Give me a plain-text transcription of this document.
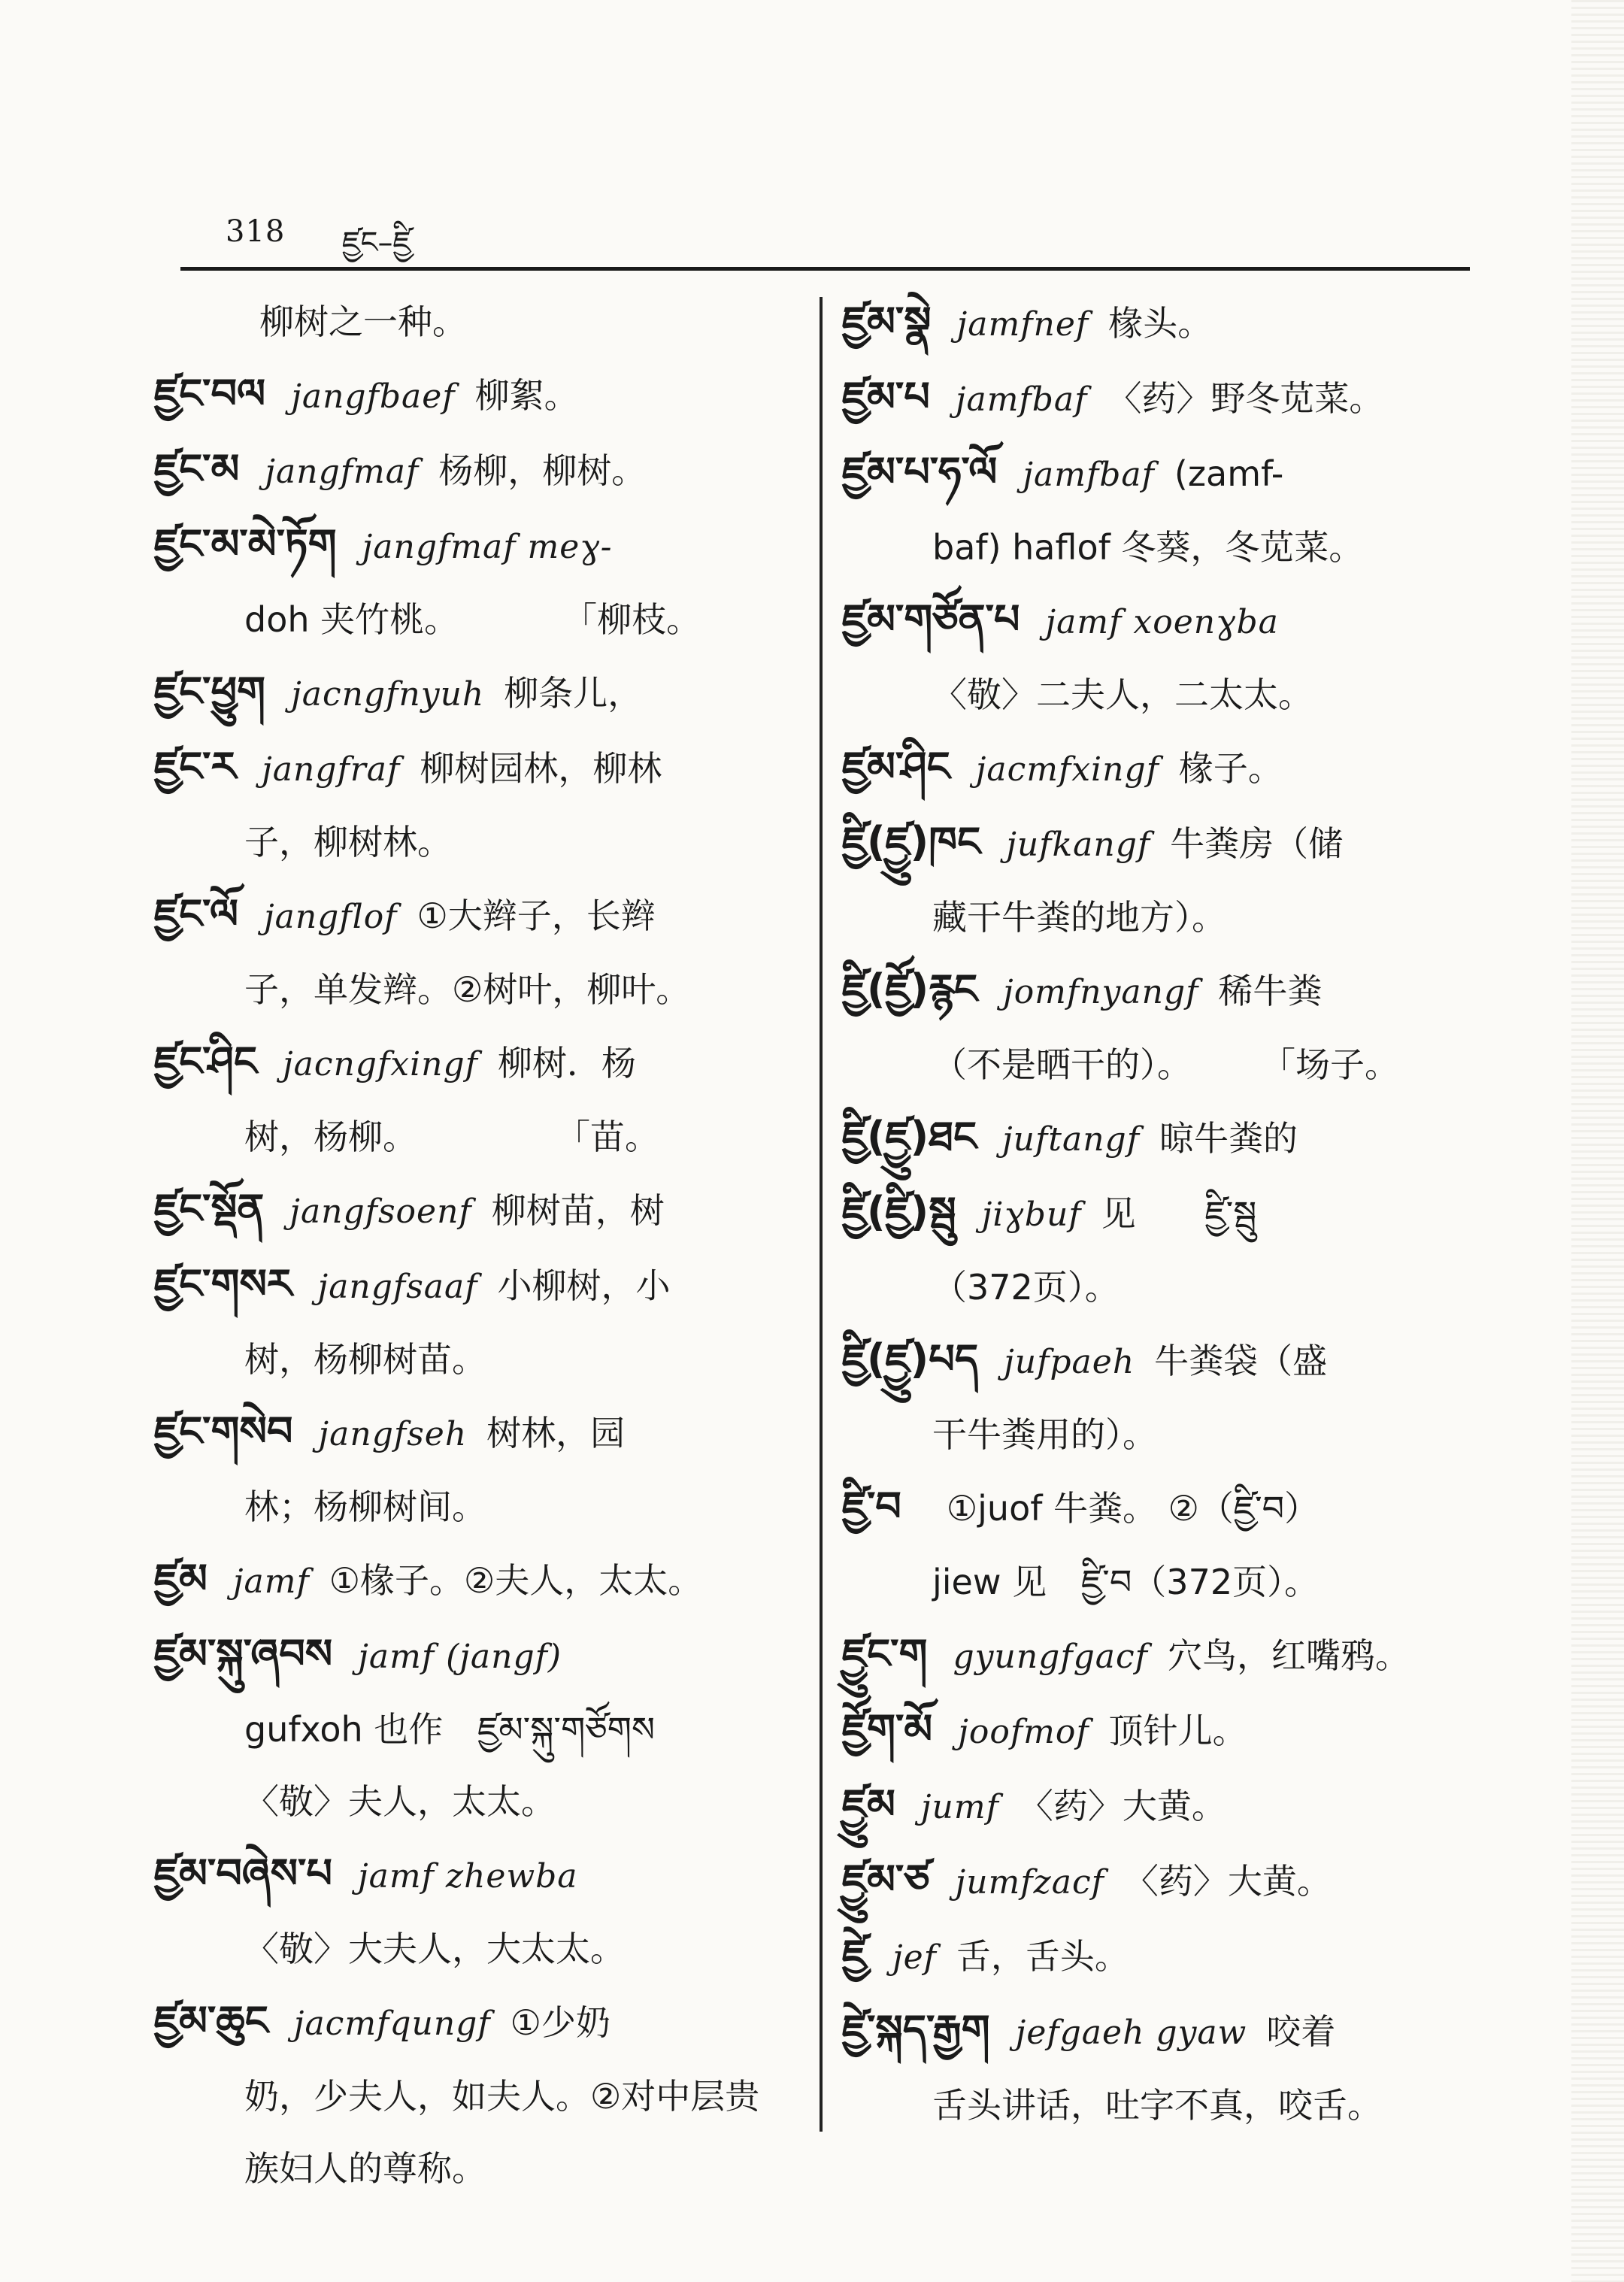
318 ཛྱང–ཛྱི
柳树之一种。
ཛྱང་བལ jangfbaef 柳絮。
ཛྱང་མ jangfmaf 杨柳，柳树。
ཛྱང་མ་མེ་ཏོག jangfmaf meɣ-
doh 夹竹桃。　　　　「柳枝。
ཛྱང་ཕྱུག jacngfnyuh 柳条儿，
ཛྱང་ར jangfraf 柳树园林，柳林
子，柳树林。
ཛྱང་ལོ jangflof ①大辫子，长辫
子，单发辫。②树叶，柳叶。
ཛྱང་ཤིང jacngfxingf 柳树．杨
树，杨柳。　　　　　「苗。
ཛྱང་སྡོན jangfsoenf 柳树苗，树
ཛྱང་གསར jangfsaaf 小柳树，小
树，杨柳树苗。
ཛྱང་གསེབ jangfseh 树林，园
林；杨柳树间。
ཛྱམ jamf ①椽子。②夫人，太太。
ཛྱམ་སྐུ་ཞབས jamf (jangf)
gufxoh 也作　ཛྱམ་སྐུ་གཙོགས
〈敬〉夫人，太太。
ཛྱམ་བཞེས་པ jamf zhewba
〈敬〉大夫人，大太太。
ཛྱམ་ཆུང jacmfqungf ①少奶
奶，少夫人，如夫人。②对中层贵
族妇人的尊称。
ཛྱམ་སྣེ jamfnef 椽头。
ཛྱམ་པ jamfbaf 〈药〉野冬苋菜。
ཛྱམ་པ་ཧ་ལོ jamfbaf (zamf-
baf) haflof 冬葵，冬苋菜。
ཛྱམ་གཙོན་པ jamf xoenɣba
〈敬〉二夫人，二太太。
ཛྱམ་ཤིང jacmfxingf 椽子。
ཛྱི(ཛྱུ)ཁང jufkangf 牛粪房（储
藏干牛粪的地方）。
ཛྱི(ཛྱོ)རྙང jomfnyangf 稀牛粪
（不是晒干的）。　　　「场子。
ཛྱི(ཛྱུ)ཐང juftangf 晾牛粪的
ཛྱི(ཛྱི)སྦུ jiɣbuf 见　　ཛྱི་སྦུ
（372页）。
ཛྱི(ཛྱུ)པད jufpaeh 牛粪袋（盛
干牛粪用的）。
ཛྱི་བ ①juof 牛粪。 ②（ཛྱི་བ）
jiew 见　ཛྱི་བ（372页）。
ཛྱུང་ག gyungfgacf 穴鸟，红嘴鸦。
ཛྱོག་མོ joofmof 顶针儿。
ཛྱུམ jumf 〈药〉大黄。
ཛྱུམ་ཙ jumfzacf 〈药〉大黄。
ཛྱེ jef 舌，舌头。
ཛྱེ་སྐད་རྒྱག jefgaeh gyaw 咬着
舌头讲话，吐字不真，咬舌。
